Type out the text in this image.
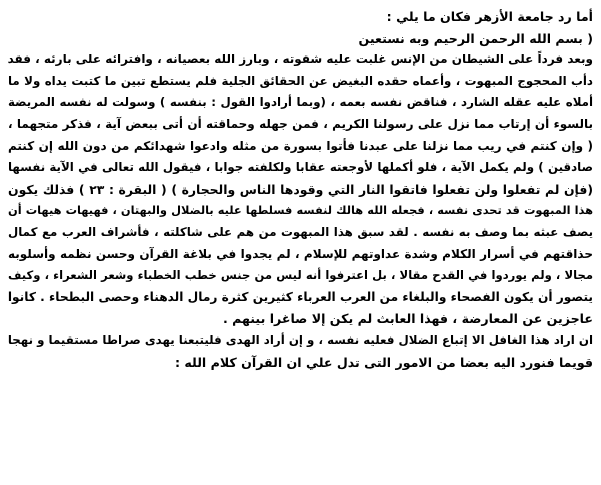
أما رد جامعة الأزهر فكان ما يلي :
( بسم الله الرحمن الرحيم وبه نستعين
وبعد فرداً على الشيطان من الإنس غلبت عليه شقوته ، وبارز الله بعصيانه ، وافترائه على بارئه ، فقد
دأب المحجوج المبهوت ، وأعماه حقده البغيض عن الحقائق الجلية فلم يستطع تبين ما كتبت يداه ولا ما
أملاه عليه عقله الشارد ، فناقض نفسه بعمه ، (وبما أرادوا القول : بنفسه ) وسولت له نفسه المريضة
بالسوء أن إرتاب مما نزل على رسولنا الكريم ، فمن جهله وحماقته أن أتى ببعض آية ، فذكر متجهما ،
( وإن كنتم في ريب مما نزلنا على عبدنا فأتوا بسورة من مثله وادعوا شهدائكم من دون الله إن كنتم
صادقين ) ولم يكمل الآية ، فلو أكملها لأوجعته عقابا ولكلفته جوابا ، فيقول الله تعالى في الآية نفسها
(فإن لم تفعلوا ولن تفعلوا فاتقوا النار التي وقودها الناس والحجارة ) ( البقرة : ٢٣ ) فذلك يكون
هذا المبهوت قد تحدى نفسه ، فجعله الله هالك لنفسه فسلطها عليه بالضلال والبهتان ، فهيهات هيهات أن
يصف عبثه بما وصف به نفسه . لقد سبق هذا المبهوت من هم على شاكلته ، فأشراف العرب مع كمال
حذاقتهم في أسرار الكلام وشدة عداوتهم للإسلام ، لم يجدوا في بلاغة القرآن وحسن نظمه وأسلوبه
مجالا ، ولم يوردوا في القدح مقالا ، بل اعترفوا أنه ليس من جنس خطب الخطباء وشعر الشعراء ، وكيف
يتصور أن يكون الفصحاء والبلغاء من العرب العرباء كثيرين كثرة رمال الدهناء وحصى البطحاء . كانوا
عاجزين عن المعارضة ، فهذا العابث لم يكن إلا صاغرا بينهم .
ان اراد هذا الغافل الا إتباع الضلال فعليه نفسه ، و إن أراد الهدى فليتبعنا يهدى صراطا مستقيما و نهجا
قويما فنورد اليه بعضا من الامور التى تدل علي ان القرآن كلام الله :
